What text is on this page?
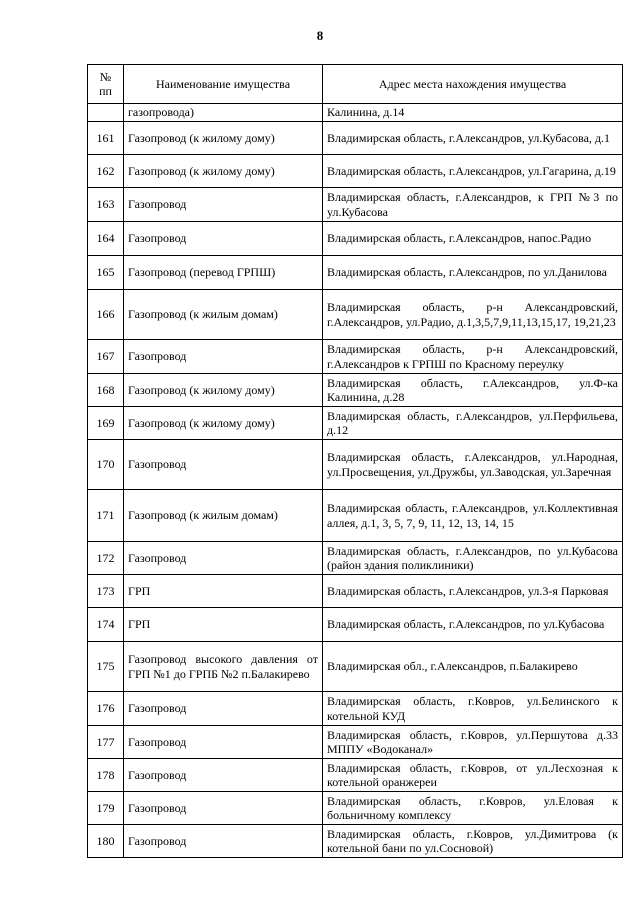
8
№ пп	Наименование имущества	Адрес места нахождения имущества
	газопровода)	Калинина, д.14
161	Газопровод (к жилому дому)	Владимирская область, г.Александров, ул.Кубасова, д.1
162	Газопровод (к жилому дому)	Владимирская область, г.Александров, ул.Гагарина, д.19
163	Газопровод	Владимирская область, г.Александров, к ГРП №3 по ул.Кубасова
164	Газопровод	Владимирская область, г.Александров, напос.Радио
165	Газопровод (перевод ГРПШ)	Владимирская область, г.Александров, по ул.Данилова
166	Газопровод (к жилым домам)	Владимирская область, р-н Александровский, г.Александров, ул.Радио, д.1,3,5,7,9,11,13,15,17, 19,21,23
167	Газопровод	Владимирская область, р-н Александровский, г.Александров к ГРПШ по Красному переулку
168	Газопровод (к жилому дому)	Владимирская область, г.Александров, ул.Ф-ка Калинина, д.28
169	Газопровод (к жилому дому)	Владимирская область, г.Александров, ул.Перфильева, д.12
170	Газопровод	Владимирская область, г.Александров, ул.Народная, ул.Просвещения, ул.Дружбы, ул.Заводская, ул.Заречная
171	Газопровод (к жилым домам)	Владимирская область, г.Александров, ул.Коллективная аллея, д.1, 3, 5, 7, 9, 11, 12, 13, 14, 15
172	Газопровод	Владимирская область, г.Александров, по ул.Кубасова (район здания поликлиники)
173	ГРП	Владимирская область, г.Александров, ул.3-я Парковая
174	ГРП	Владимирская область, г.Александров, по ул.Кубасова
175	Газопровод высокого давления от ГРП №1 до ГРПБ №2 п.Балакирево	Владимирская обл., г.Александров, п.Балакирево
176	Газопровод	Владимирская область, г.Ковров, ул.Белинского к котельной КУД
177	Газопровод	Владимирская область, г.Ковров, ул.Першутова д.33 МППУ «Водоканал»
178	Газопровод	Владимирская область, г.Ковров, от ул.Лесхозная к котельной оранжереи
179	Газопровод	Владимирская область, г.Ковров, ул.Еловая к больничному комплексу
180	Газопровод	Владимирская область, г.Ковров, ул.Димитрова (к котельной бани по ул.Сосновой)
